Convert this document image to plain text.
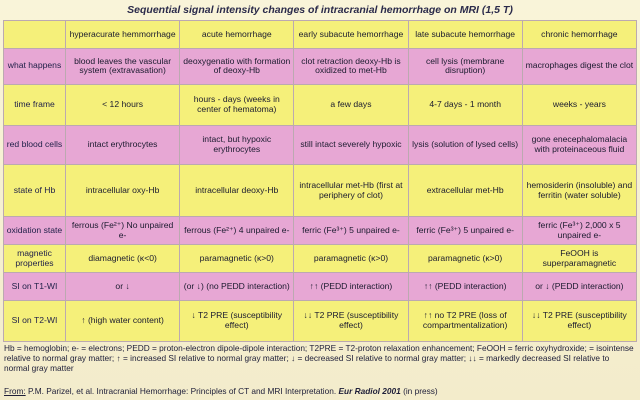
Sequential signal intensity changes of intracranial hemorrhage on MRI (1,5 T)
	hyperacurate hemmorrhage	acute hemorrhage	early subacute hemorrhage	late subacute hemorrhage	chronic hemorrhage
what happens	blood leaves the vascular system (extravasation)	deoxygenatio with formation of deoxy-Hb	clot retraction deoxy-Hb is oxidized to met-Hb	cell lysis (membrane disruption)	macrophages digest the clot
time frame	< 12 hours	hours - days (weeks in center of hematoma)	a few days	4-7 days - 1 month	weeks - years
red blood cells	intact erythrocytes	intact, but hypoxic erythrocytes	still intact severely hypoxic	lysis (solution of lysed cells)	gone enecephalomalacia with proteinaceous fluid
state of Hb	intracellular oxy-Hb	intracellular deoxy-Hb	intracellular met-Hb (first at periphery of clot)	extracellular met-Hb	hemosiderin (insoluble) and ferritin (water soluble)
oxidation state	ferrous (Fe²⁺) No unpaired e-	ferrous (Fe²⁺) 4 unpaired e-	ferric (Fe³⁺) 5 unpaired e-	ferric (Fe³⁺) 5 unpaired e-	ferric (Fe³⁺) 2,000 x 5 unpaired e-
magnetic properties	diamagnetic (κ<0)	paramagnetic (κ>0)	paramagnetic (κ>0)	paramagnetic (κ>0)	FeOOH is superparamagnetic
SI on T1-WI	or ↓	(or ↓) (no PEDD interaction)	↑↑ (PEDD interaction)	↑↑ (PEDD interaction)	or ↓ (PEDD interaction)
SI on T2-WI	↑ (high water content)	↓ T2 PRE (susceptibility effect)	↓↓ T2 PRE (susceptibility effect)	↑↑ no T2 PRE (loss of compartmentalization)	↓↓ T2 PRE (susceptibility effect)
Hb = hemoglobin; e- = electrons; PEDD = proton-electron dipole-dipole interaction; T2PRE = T2-proton relaxation enhancement; FeOOH = ferric oxyhydroxide; = isointense relative to normal gray matter; ↑ = increased SI relative to normal gray matter; ↓ = decreased SI relative to normal gray matter; ↓↓ = markedly decreased SI relative to normal gray matter
From: P.M. Parizel, et al. Intracranial Hemorrhage: Principles of CT and MRI Interpretation. Eur Radiol 2001 (in press)
